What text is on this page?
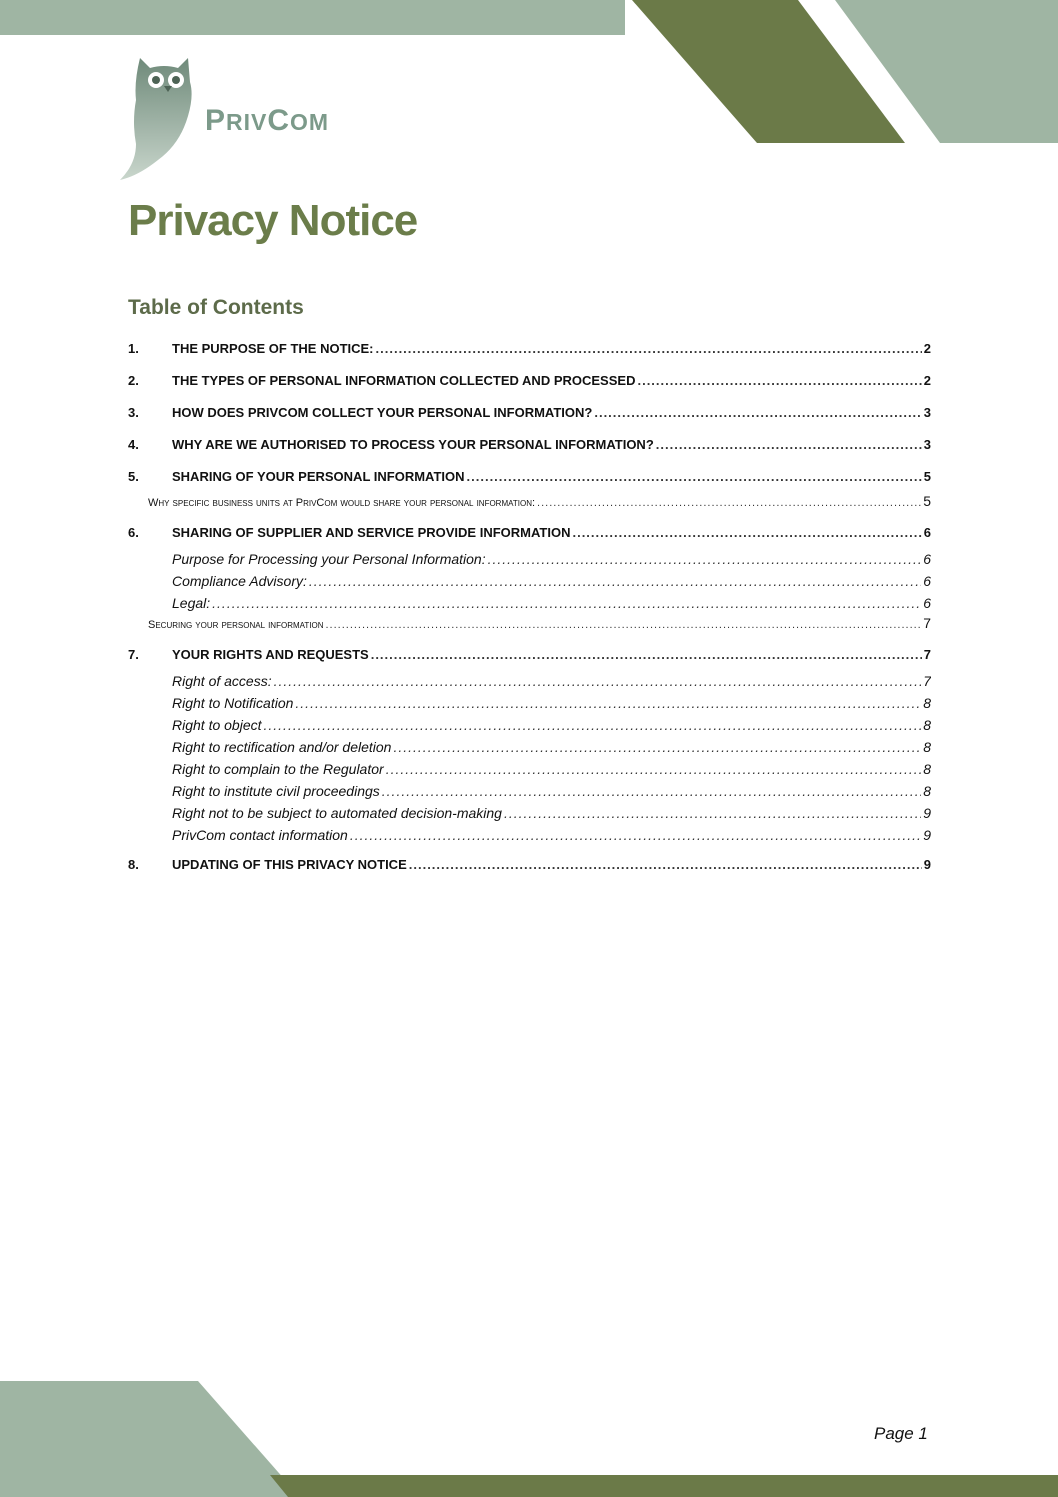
PRIVCOM
Privacy Notice
Table of Contents
1.	THE PURPOSE OF THE NOTICE: .....	2
2.	THE TYPES OF PERSONAL INFORMATION COLLECTED AND PROCESSED .....	2
3.	HOW DOES PRIVCOM COLLECT YOUR PERSONAL INFORMATION? .....	3
4.	WHY ARE WE AUTHORISED TO PROCESS YOUR PERSONAL INFORMATION? .....	3
5.	SHARING OF YOUR PERSONAL INFORMATION .....	5
Why specific business units at PrivCom would share your personal information: .....	5
6.	SHARING OF SUPPLIER AND SERVICE PROVIDE INFORMATION .....	6
Purpose for Processing your Personal Information: .....	6
Compliance Advisory: .....	6
Legal: .....	6
Securing your personal information .....	7
7.	YOUR RIGHTS AND REQUESTS .....	7
Right of access: .....	7
Right to Notification .....	8
Right to object .....	8
Right to rectification and/or deletion .....	8
Right to complain to the Regulator .....	8
Right to institute civil proceedings .....	8
Right not to be subject to automated decision-making .....	9
PrivCom contact information .....	9
8.	UPDATING OF THIS PRIVACY NOTICE .....	9
Page 1
